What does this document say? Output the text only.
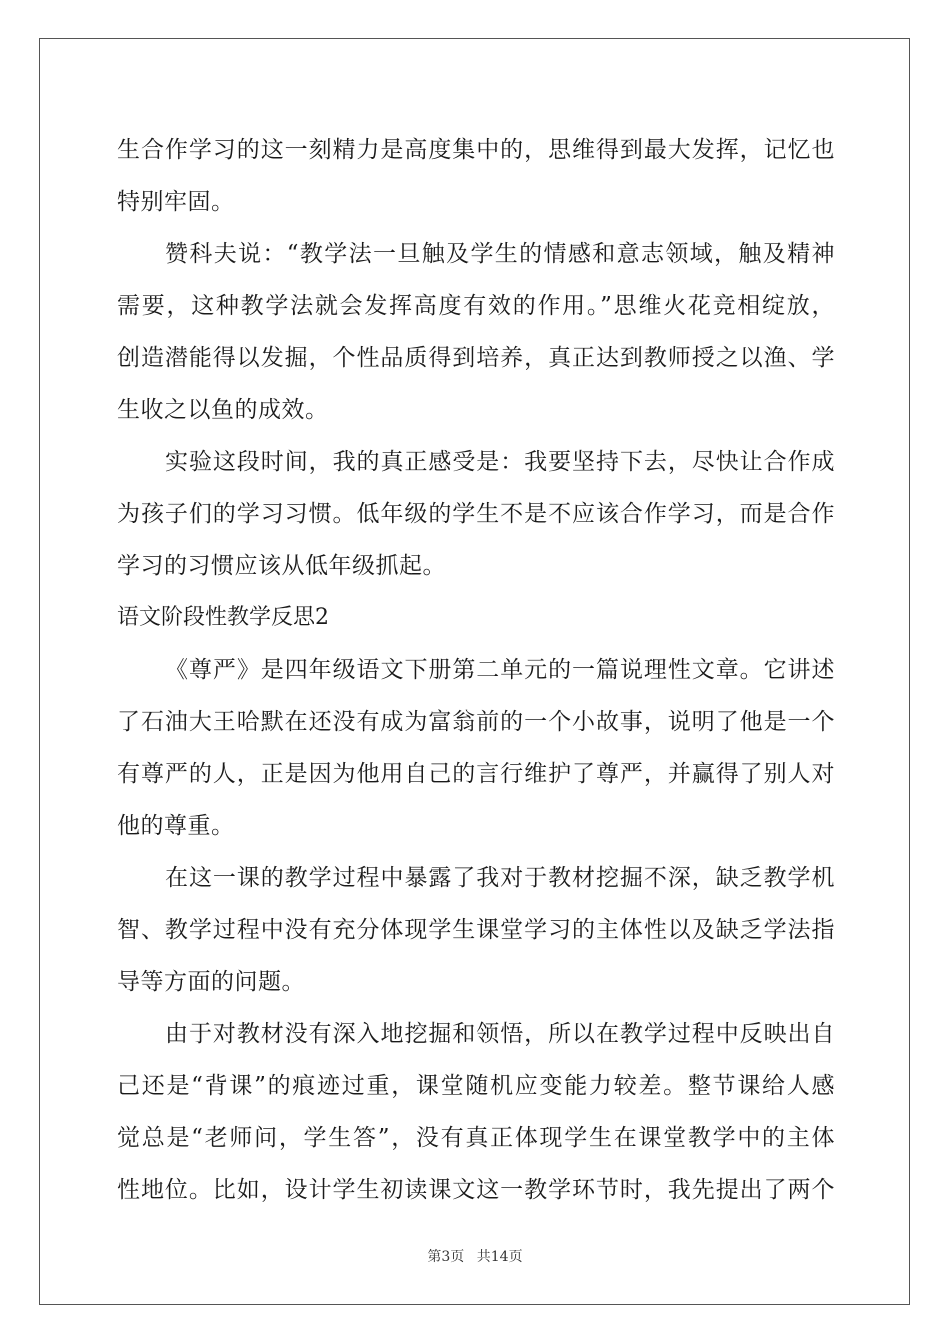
生合作学习的这一刻精力是高度集中的，思维得到最大发挥，记忆也
特别牢固。
赞科夫说：“教学法一旦触及学生的情感和意志领域，触及精神
需要，这种教学法就会发挥高度有效的作用。”思维火花竞相绽放，
创造潜能得以发掘，个性品质得到培养，真正达到教师授之以渔、学
生收之以鱼的成效。
实验这段时间，我的真正感受是：我要坚持下去，尽快让合作成
为孩子们的学习习惯。低年级的学生不是不应该合作学习，而是合作
学习的习惯应该从低年级抓起。
语文阶段性教学反思2
《尊严》是四年级语文下册第二单元的一篇说理性文章。它讲述
了石油大王哈默在还没有成为富翁前的一个小故事，说明了他是一个
有尊严的人，正是因为他用自己的言行维护了尊严，并赢得了别人对
他的尊重。
在这一课的教学过程中暴露了我对于教材挖掘不深，缺乏教学机
智、教学过程中没有充分体现学生课堂学习的主体性以及缺乏学法指
导等方面的问题。
由于对教材没有深入地挖掘和领悟，所以在教学过程中反映出自
己还是“背课”的痕迹过重，课堂随机应变能力较差。整节课给人感
觉总是“老师问，学生答”，没有真正体现学生在课堂教学中的主体
性地位。比如，设计学生初读课文这一教学环节时，我先提出了两个
第3页 共14页
